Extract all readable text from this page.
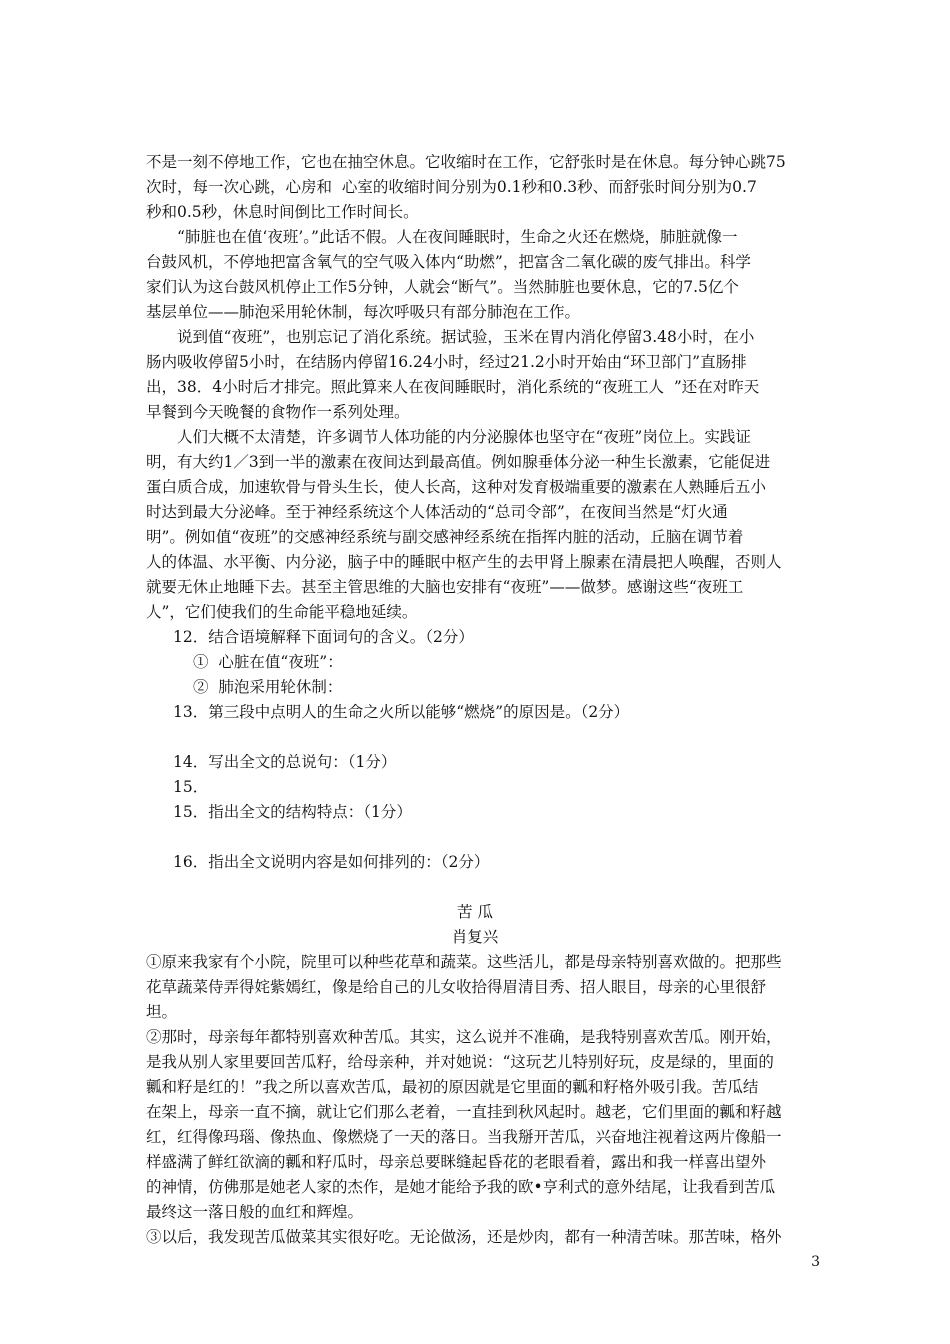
不是一刻不停地工作，它也在抽空休息。它收缩时在工作，它舒张时是在休息。每分钟心跳75
次时，每一次心跳，心房和  心室的收缩时间分别为0.1秒和0.3秒、而舒张时间分别为0.7
秒和0.5秒，休息时间倒比工作时间长。
“肺脏也在值‘夜班’。”此话不假。人在夜间睡眠时，生命之火还在燃烧，肺脏就像一
台鼓风机，不停地把富含氧气的空气吸入体内“助燃”，把富含二氧化碳的废气排出。科学
家们认为这台鼓风机停止工作5分钟，人就会“断气”。当然肺脏也要休息，它的7.5亿个
基层单位——肺泡采用轮休制，每次呼吸只有部分肺泡在工作。
说到值“夜班”，也别忘记了消化系统。据试验，玉米在胃内消化停留3.48小时，在小
肠内吸收停留5小时，在结肠内停留16.24小时，经过21.2小时开始由“环卫部门”直肠排
出，38．4小时后才排完。照此算来人在夜间睡眠时，消化系统的“夜班工人  ”还在对昨天
早餐到今天晚餐的食物作一系列处理。
人们大概不太清楚，许多调节人体功能的内分泌腺体也坚守在“夜班”岗位上。实践证
明，有大约1／3到一半的激素在夜间达到最高值。例如腺垂体分泌一种生长激素，它能促进
蛋白质合成，加速软骨与骨头生长，使人长高，这种对发育极端重要的激素在人熟睡后五小
时达到最大分泌峰。至于神经系统这个人体活动的“总司令部”，在夜间当然是“灯火通
明”。例如值“夜班”的交感神经系统与副交感神经系统在指挥内脏的活动，丘脑在调节着
人的体温、水平衡、内分泌，脑子中的睡眠中枢产生的去甲肾上腺素在清晨把人唤醒，否则人
就要无休止地睡下去。甚至主管思维的大脑也安排有“夜班”——做梦。感谢这些“夜班工
人”，它们使我们的生命能平稳地延续。
12．结合语境解释下面词句的含义。（2分）
①  心脏在值“夜班”：
②  肺泡采用轮休制：
13．第三段中点明人的生命之火所以能够“燃烧”的原因是。（2分）
14．写出全文的总说句：（1分）
15．
15．指出全文的结构特点：（1分）
16．指出全文说明内容是如何排列的：（2分）
苦 瓜
肖复兴
①原来我家有个小院，院里可以种些花草和蔬菜。这些活儿，都是母亲特别喜欢做的。把那些
花草蔬菜侍弄得姹紫嫣红，像是给自己的儿女收拾得眉清目秀、招人眼目，母亲的心里很舒
坦。
②那时，母亲每年都特别喜欢种苦瓜。其实，这么说并不准确，是我特别喜欢苦瓜。刚开始，
是我从别人家里要回苦瓜籽，给母亲种，并对她说：“这玩艺儿特别好玩，皮是绿的，里面的
瓤和籽是红的！”我之所以喜欢苦瓜，最初的原因就是它里面的瓤和籽格外吸引我。苦瓜结
在架上，母亲一直不摘，就让它们那么老着，一直挂到秋风起时。越老，它们里面的瓤和籽越
红，红得像玛瑙、像热血、像燃烧了一天的落日。当我掰开苦瓜，兴奋地注视着这两片像船一
样盛满了鲜红欲滴的瓤和籽瓜时，母亲总要眯缝起昏花的老眼看着，露出和我一样喜出望外
的神情，仿佛那是她老人家的杰作，是她才能给予我的欧•亨利式的意外结尾，让我看到苦瓜
最终这一落日般的血红和辉煌。
③以后，我发现苦瓜做菜其实很好吃。无论做汤，还是炒肉，都有一种清苦味。那苦味，格外
3
